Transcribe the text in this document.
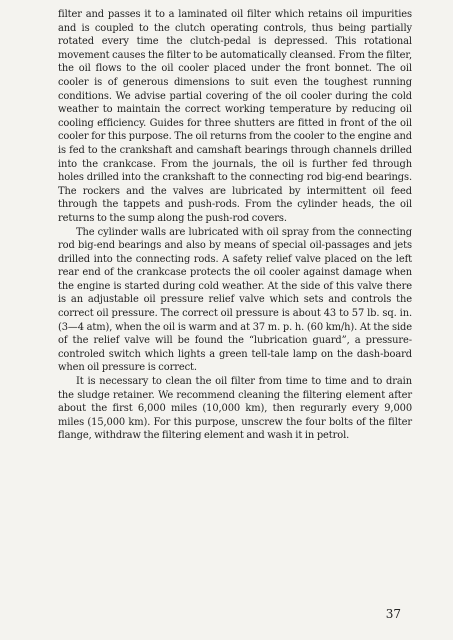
filter and passes it to a laminated oil filter which retains oil impurities and is coupled to the clutch operating controls, thus being partially rotated every time the clutch-pedal is depressed. This rotational movement causes the filter to be automatically cleansed. From the filter, the oil flows to the oil cooler placed under the front bonnet. The oil cooler is of generous dimensions to suit even the toughest running conditions. We advise partial covering of the oil cooler during the cold weather to maintain the correct working temperature by reducing oil cooling efficiency. Guides for three shutters are fitted in front of the oil cooler for this purpose. The oil returns from the cooler to the engine and is fed to the crankshaft and camshaft bearings through channels drilled into the crankcase. From the journals, the oil is further fed through holes drilled into the crankshaft to the connecting rod big-end bearings. The rockers and the valves are lubricated by intermittent oil feed through the tappets and push-rods. From the cylinder heads, the oil returns to the sump along the push-rod covers.

The cylinder walls are lubricated with oil spray from the connecting rod big-end bearings and also by means of special oil-passages and jets drilled into the connecting rods. A safety relief valve placed on the left rear end of the crankcase protects the oil cooler against damage when the engine is started during cold weather. At the side of this valve there is an adjustable oil pressure relief valve which sets and controls the correct oil pressure. The correct oil pressure is about 43 to 57 lb. sq. in. (3—4 atm), when the oil is warm and at 37 m. p. h. (60 km/h). At the side of the relief valve will be found the “lubrication guard”, a pressure-controled switch which lights a green tell-tale lamp on the dash-board when oil pressure is correct.

It is necessary to clean the oil filter from time to time and to drain the sludge retainer. We recommend cleaning the filtering element after about the first 6,000 miles (10,000 km), then regurarly every 9,000 miles (15,000 km). For this purpose, unscrew the four bolts of the filter flange, withdraw the filtering element and wash it in petrol.

37
